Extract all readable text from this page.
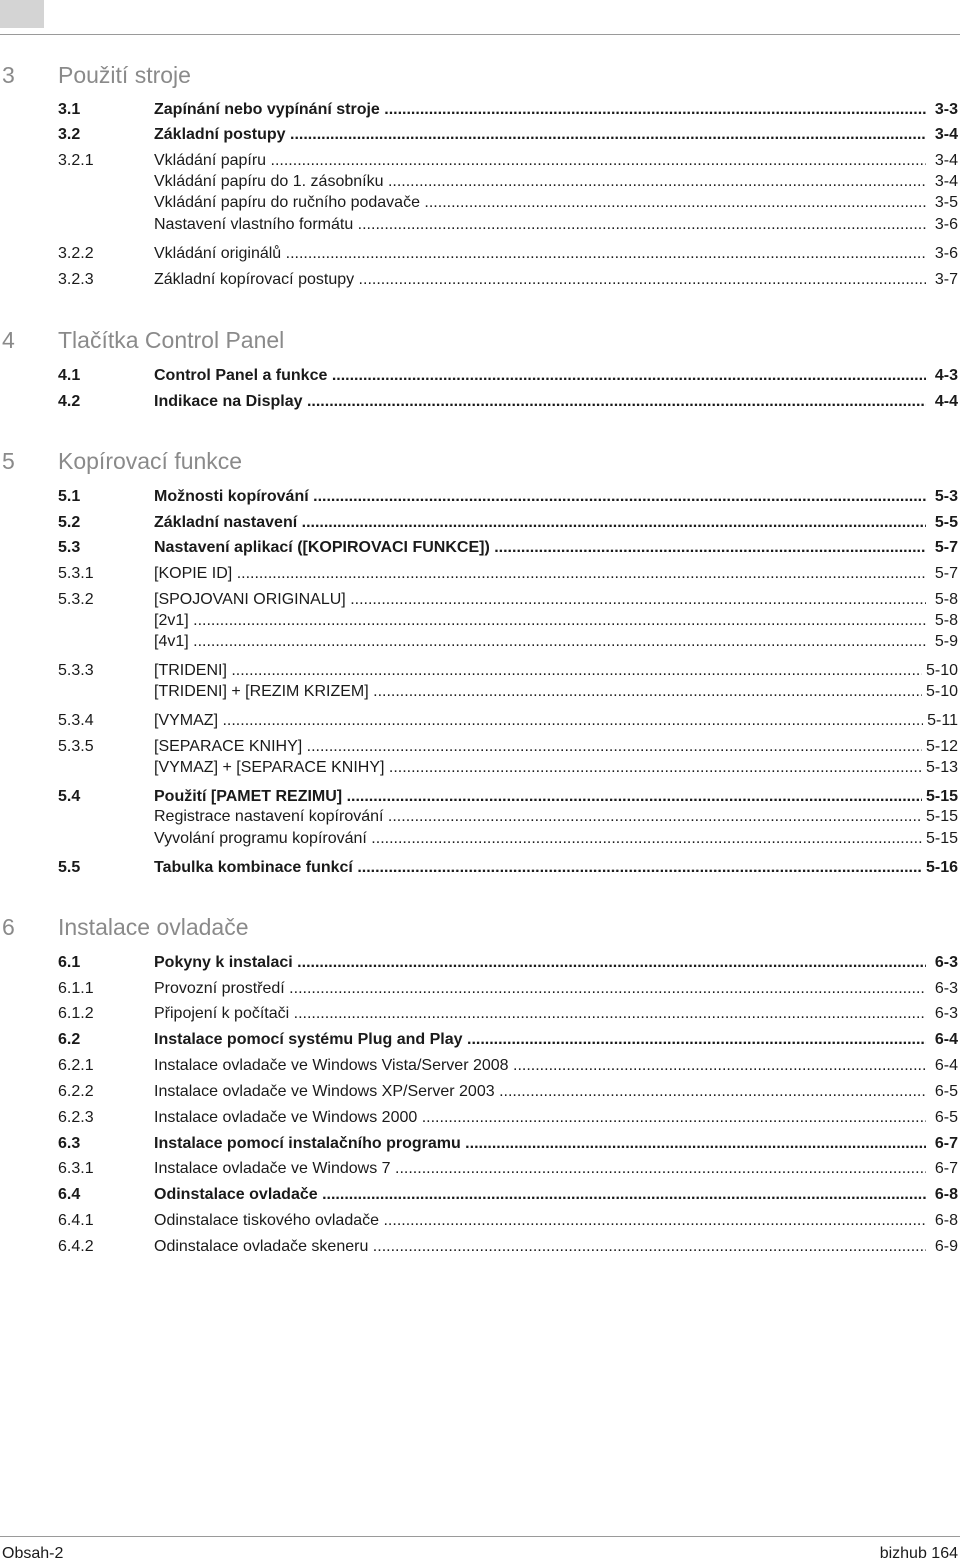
3 Použití stroje
3.1	Zapínání nebo vypínání stroje .....	3-3
3.2	Základní postupy .....	3-4
3.2.1	Vkládání papíru .....	3-4
Vkládání papíru do 1. zásobníku .....	3-4
Vkládání papíru do ručního podavače .....	3-5
Nastavení vlastního formátu .....	3-6
3.2.2	Vkládání originálů .....	3-6
3.2.3	Základní kopírovací postupy .....	3-7
4 Tlačítka Control Panel
4.1	Control Panel a funkce .....	4-3
4.2	Indikace na Display .....	4-4
5 Kopírovací funkce
5.1	Možnosti kopírování .....	5-3
5.2	Základní nastavení .....	5-5
5.3	Nastavení aplikací ([KOPIROVACI FUNKCE]) .....	5-7
5.3.1	[KOPIE ID] .....	5-7
5.3.2	[SPOJOVANI ORIGINALU] .....	5-8
[2v1] .....	5-8
[4v1] .....	5-9
5.3.3	[TRIDENI] .....	5-10
[TRIDENI] + [REZIM KRIZEM] .....	5-10
5.3.4	[VYMAZ] .....	5-11
5.3.5	[SEPARACE KNIHY] .....	5-12
[VYMAZ] + [SEPARACE KNIHY] .....	5-13
5.4	Použití [PAMET REZIMU] .....	5-15
Registrace nastavení kopírování .....	5-15
Vyvolání programu kopírování .....	5-15
5.5	Tabulka kombinace funkcí .....	5-16
6 Instalace ovladače
6.1	Pokyny k instalaci .....	6-3
6.1.1	Provozní prostředí .....	6-3
6.1.2	Připojení k počítači .....	6-3
6.2	Instalace pomocí systému Plug and Play .....	6-4
6.2.1	Instalace ovladače ve Windows Vista/Server 2008 .....	6-4
6.2.2	Instalace ovladače ve Windows XP/Server 2003 .....	6-5
6.2.3	Instalace ovladače ve Windows 2000 .....	6-5
6.3	Instalace pomocí instalačního programu .....	6-7
6.3.1	Instalace ovladače ve Windows 7 .....	6-7
6.4	Odinstalace ovladače .....	6-8
6.4.1	Odinstalace tiskového ovladače .....	6-8
6.4.2	Odinstalace ovladače skeneru .....	6-9
Obsah-2	bizhub 164
